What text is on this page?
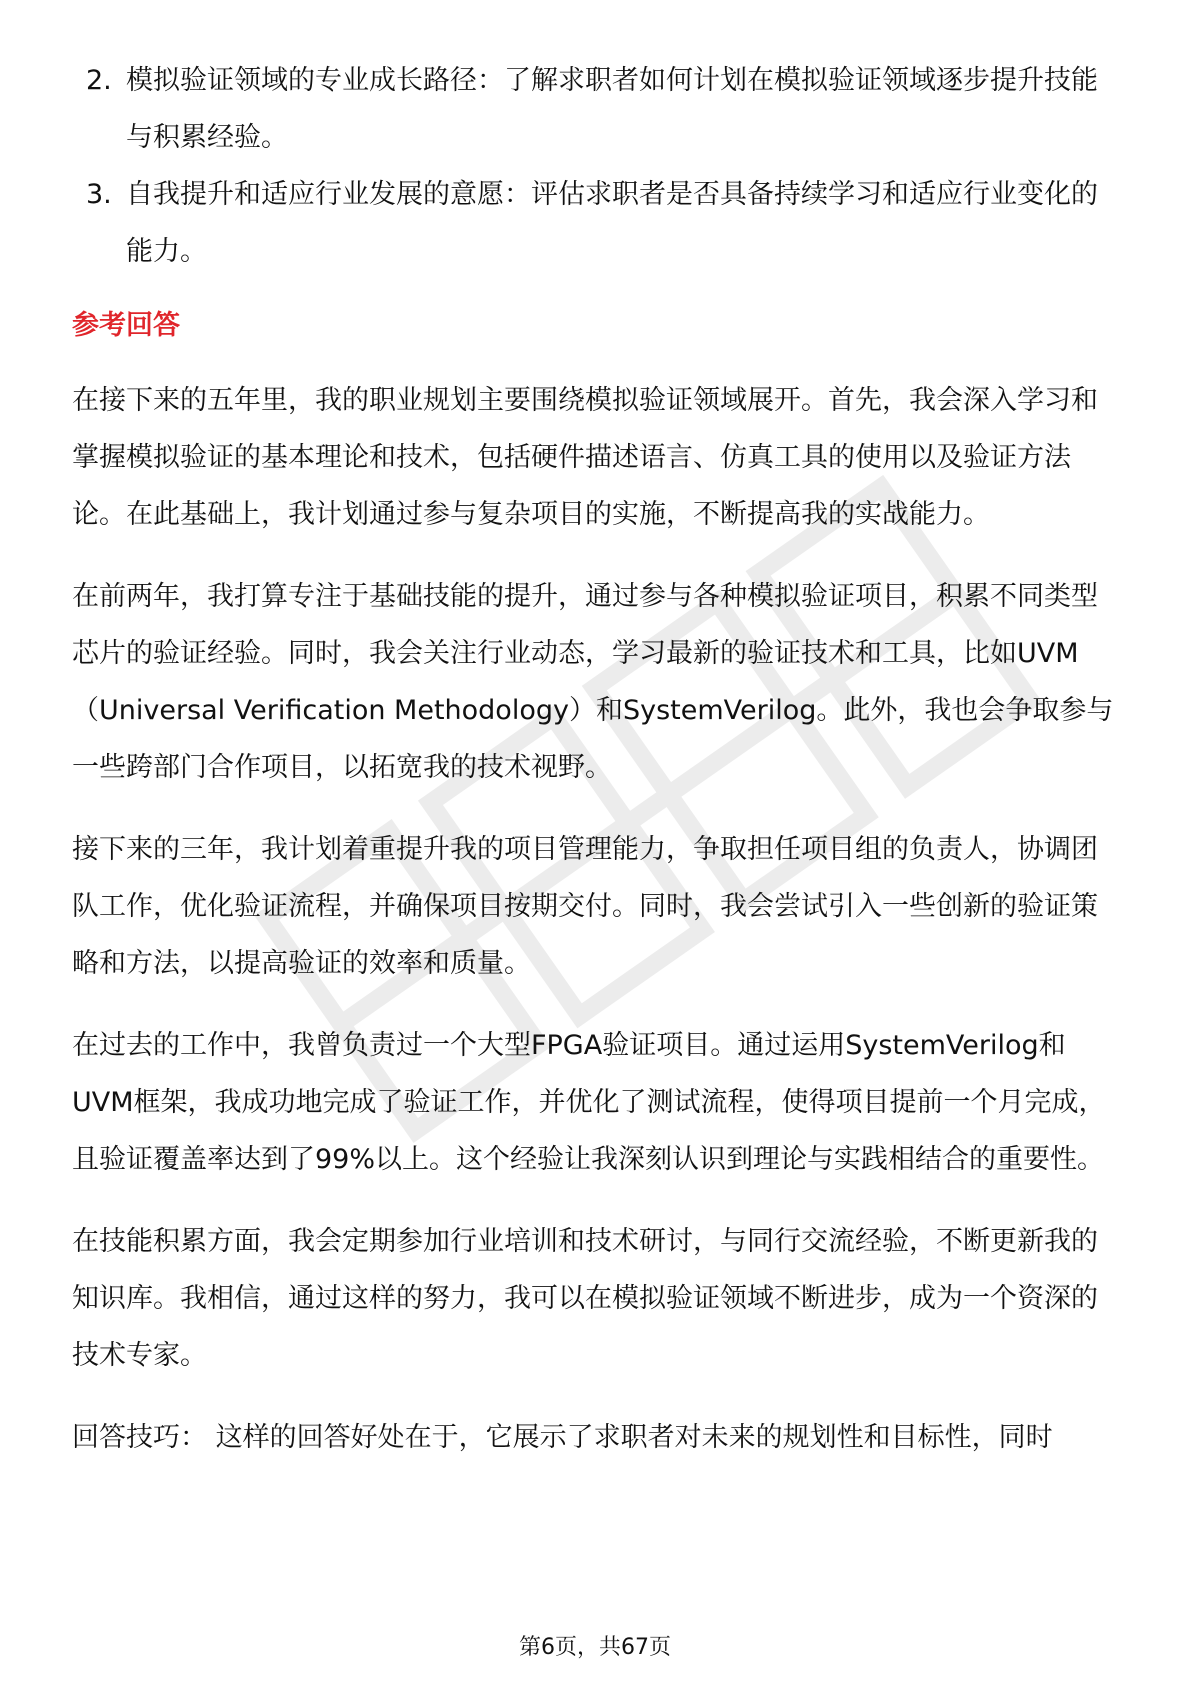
2. 模拟验证领域的专业成长路径：了解求职者如何计划在模拟验证领域逐步提升技能与积累经验。
3. 自我提升和适应行业发展的意愿：评估求职者是否具备持续学习和适应行业变化的能力。
参考回答

在接下来的五年里，我的职业规划主要围绕模拟验证领域展开。首先，我会深入学习和掌握模拟验证的基本理论和技术，包括硬件描述语言、仿真工具的使用以及验证方法论。在此基础上，我计划通过参与复杂项目的实施，不断提高我的实战能力。

在前两年，我打算专注于基础技能的提升，通过参与各种模拟验证项目，积累不同类型芯片的验证经验。同时，我会关注行业动态，学习最新的验证技术和工具，比如UVM（Universal Verification Methodology）和SystemVerilog。此外，我也会争取参与一些跨部门合作项目，以拓宽我的技术视野。

接下来的三年，我计划着重提升我的项目管理能力，争取担任项目组的负责人，协调团队工作，优化验证流程，并确保项目按期交付。同时，我会尝试引入一些创新的验证策略和方法，以提高验证的效率和质量。

在过去的工作中，我曾负责过一个大型FPGA验证项目。通过运用SystemVerilog和UVM框架，我成功地完成了验证工作，并优化了测试流程，使得项目提前一个月完成，且验证覆盖率达到了99%以上。这个经验让我深刻认识到理论与实践相结合的重要性。

在技能积累方面，我会定期参加行业培训和技术研讨，与同行交流经验，不断更新我的知识库。我相信，通过这样的努力，我可以在模拟验证领域不断进步，成为一个资深的技术专家。

回答技巧： 这样的回答好处在于，它展示了求职者对未来的规划性和目标性，同时

第6页，共67页
